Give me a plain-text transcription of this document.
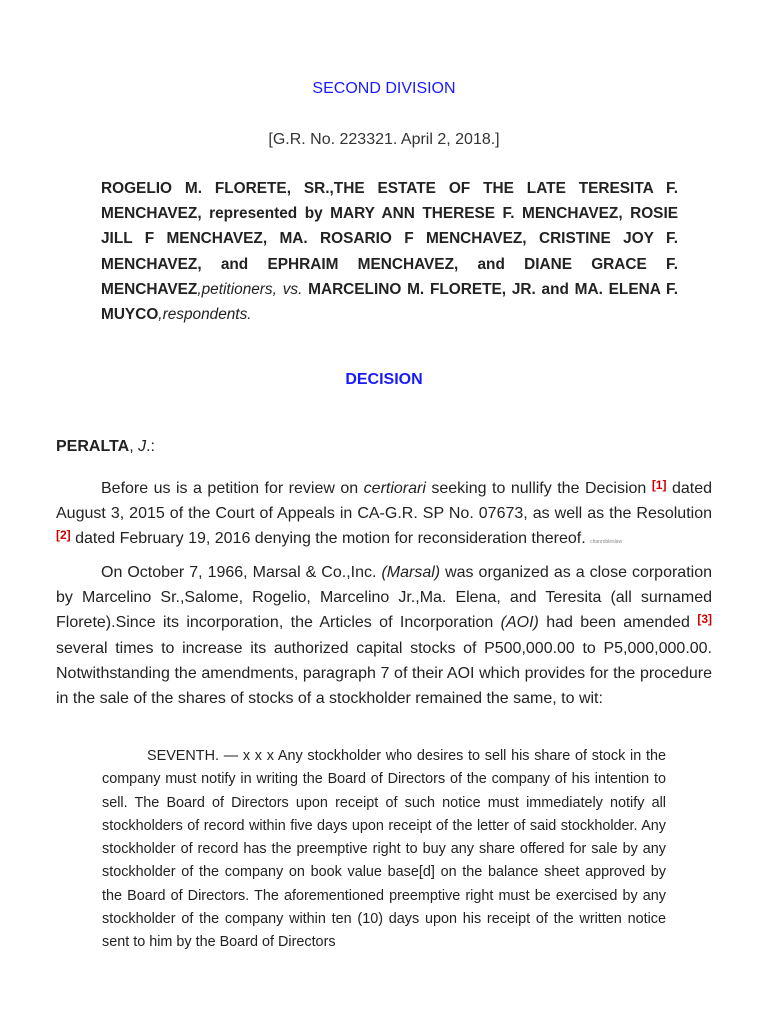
SECOND DIVISION
[G.R. No. 223321. April 2, 2018.]
ROGELIO M. FLORETE, SR.,THE ESTATE OF THE LATE TERESITA F. MENCHAVEZ, represented by MARY ANN THERESE F. MENCHAVEZ, ROSIE JILL F MENCHAVEZ, MA. ROSARIO F MENCHAVEZ, CRISTINE JOY F. MENCHAVEZ, and EPHRAIM MENCHAVEZ, and DIANE GRACE F. MENCHAVEZ,petitioners, vs. MARCELINO M. FLORETE, JR. and MA. ELENA F. MUYCO,respondents.
DECISION
PERALTA, J.:
Before us is a petition for review on certiorari seeking to nullify the Decision [1] dated August 3, 2015 of the Court of Appeals in CA-G.R. SP No. 07673, as well as the Resolution [2] dated February 19, 2016 denying the motion for reconsideration thereof. chanrobleslaw
On October 7, 1966, Marsal & Co.,Inc. (Marsal) was organized as a close corporation by Marcelino Sr.,Salome, Rogelio, Marcelino Jr.,Ma. Elena, and Teresita (all surnamed Florete).Since its incorporation, the Articles of Incorporation (AOI) had been amended [3] several times to increase its authorized capital stocks of P500,000.00 to P5,000,000.00. Notwithstanding the amendments, paragraph 7 of their AOI which provides for the procedure in the sale of the shares of stocks of a stockholder remained the same, to wit:
SEVENTH. — x x x Any stockholder who desires to sell his share of stock in the company must notify in writing the Board of Directors of the company of his intention to sell. The Board of Directors upon receipt of such notice must immediately notify all stockholders of record within five days upon receipt of the letter of said stockholder. Any stockholder of record has the preemptive right to buy any share offered for sale by any stockholder of the company on book value base[d] on the balance sheet approved by the Board of Directors. The aforementioned preemptive right must be exercised by any stockholder of the company within ten (10) days upon his receipt of the written notice sent to him by the Board of Directors
